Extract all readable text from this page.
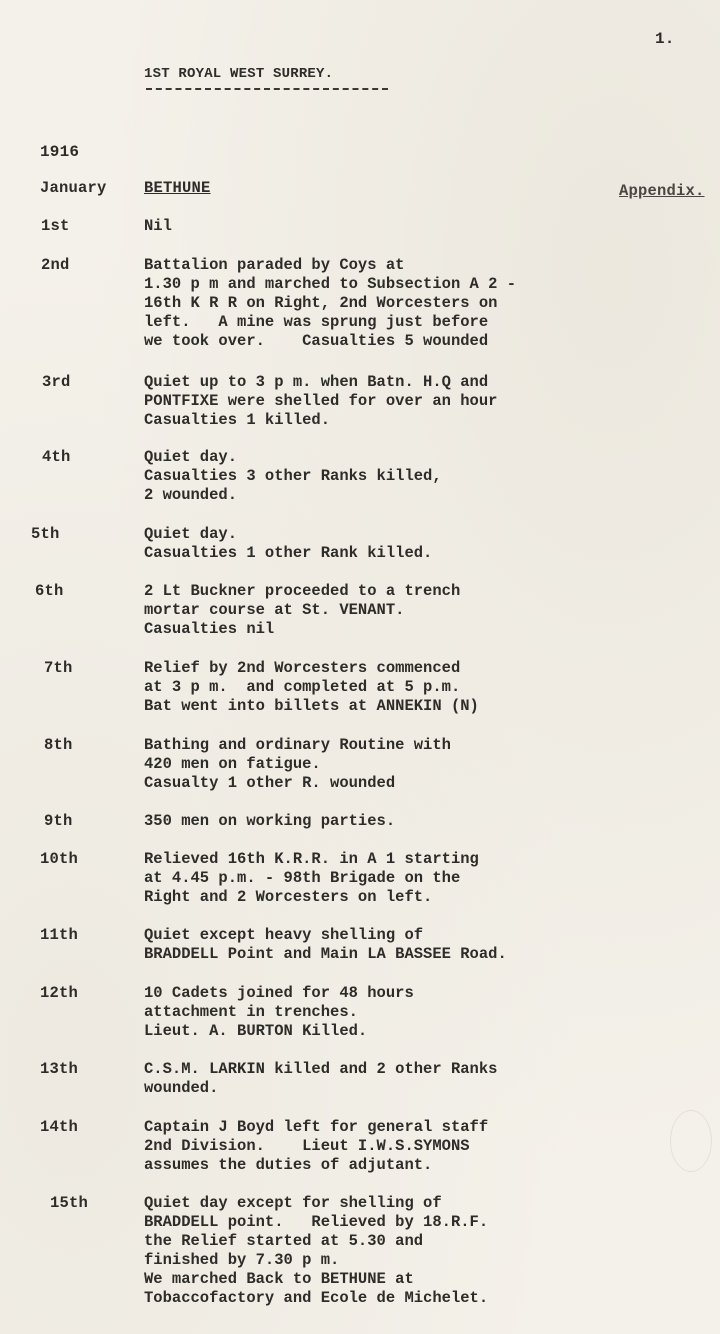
1.
1ST ROYAL WEST SURREY.
1916
January BETHUNE	Appendix.
1st	Nil
2nd	Battalion paraded by Coys at
1.30 p m and marched to Subsection A 2 -
16th K R R on Right, 2nd Worcesters on
left.   A mine was sprung just before
we took over.    Casualties 5 wounded
3rd	Quiet up to 3 p m. when Batn. H.Q and
PONTFIXE were shelled for over an hour
Casualties 1 killed.
4th	Quiet day.
Casualties 3 other Ranks killed,
2 wounded.
5th	Quiet day.
Casualties 1 other Rank killed.
6th	2 Lt Buckner proceeded to a trench
mortar course at St. VENANT.
Casualties nil
7th	Relief by 2nd Worcesters commenced
at 3 p m.  and completed at 5 p.m.
Bat went into billets at ANNEKIN (N)
8th	Bathing and ordinary Routine with
420 men on fatigue.
Casualty 1 other R. wounded
9th	350 men on working parties.
10th	Relieved 16th K.R.R. in A 1 starting
at 4.45 p.m. - 98th Brigade on the
Right and 2 Worcesters on left.
11th	Quiet except heavy shelling of
BRADDELL Point and Main LA BASSEE Road.
12th	10 Cadets joined for 48 hours
attachment in trenches.
Lieut. A. BURTON Killed.
13th	C.S.M. LARKIN killed and 2 other Ranks
wounded.
14th	Captain J Boyd left for general staff
2nd Division.    Lieut I.W.S.SYMONS
assumes the duties of adjutant.
15th	Quiet day except for shelling of
BRADDELL point.   Relieved by 18.R.F.
the Relief started at 5.30 and
finished by 7.30 p m.
We marched Back to BETHUNE at
Tobaccofactory and Ecole de Michelet.
